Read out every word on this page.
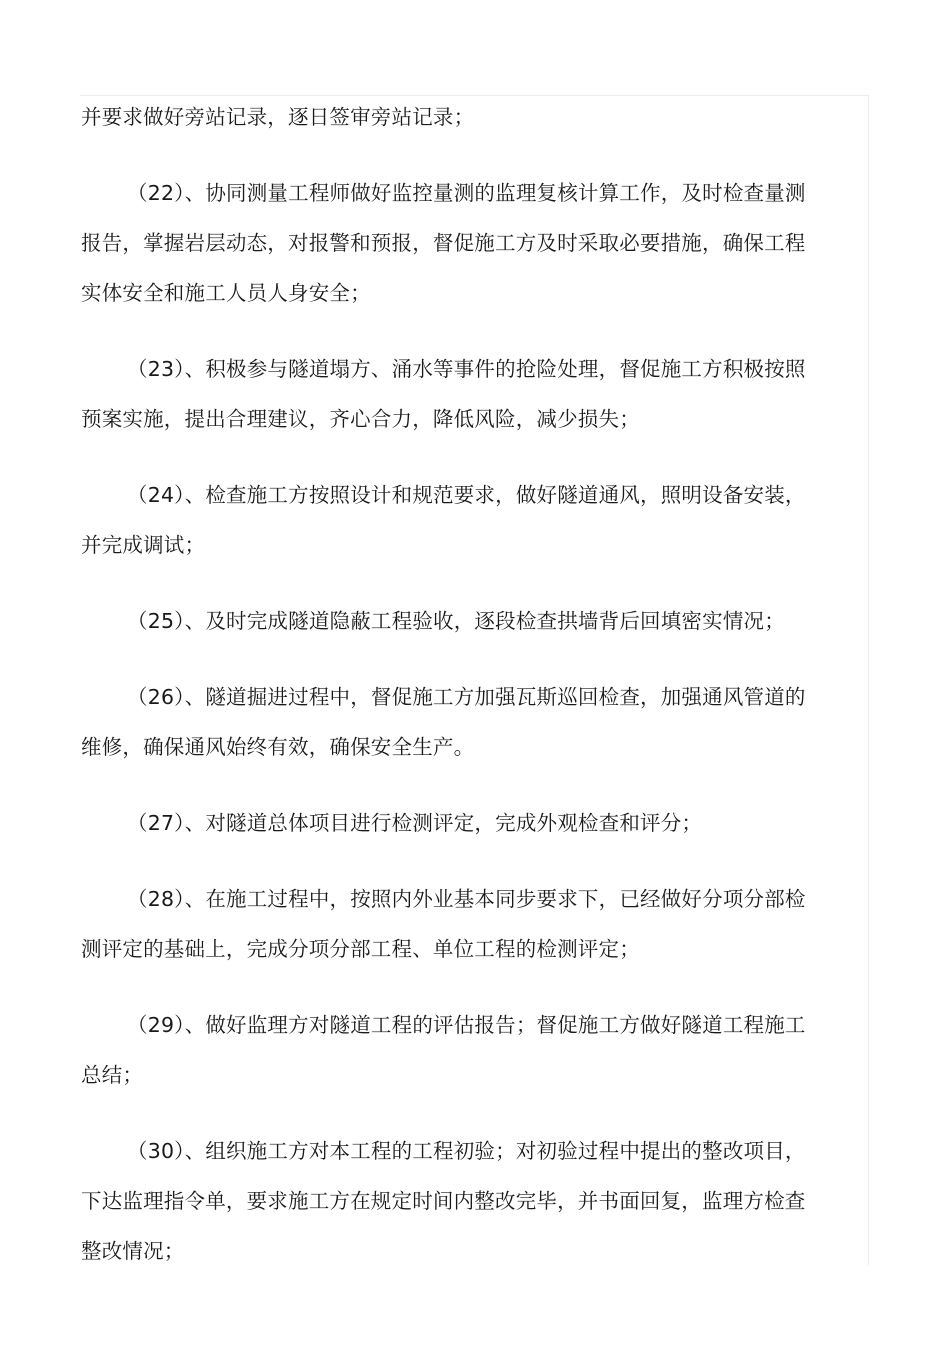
并要求做好旁站记录，逐日签审旁站记录；
（22）、协同测量工程师做好监控量测的监理复核计算工作，及时检查量测
报告，掌握岩层动态，对报警和预报，督促施工方及时采取必要措施，确保工程
实体安全和施工人员人身安全；
（23）、积极参与隧道塌方、涌水等事件的抢险处理，督促施工方积极按照
预案实施，提出合理建议，齐心合力，降低风险，减少损失；
（24）、检查施工方按照设计和规范要求，做好隧道通风，照明设备安装，
并完成调试；
（25）、及时完成隧道隐蔽工程验收，逐段检查拱墙背后回填密实情况；
（26）、隧道掘进过程中，督促施工方加强瓦斯巡回检查，加强通风管道的
维修，确保通风始终有效，确保安全生产。
（27）、对隧道总体项目进行检测评定，完成外观检查和评分；
（28）、在施工过程中，按照内外业基本同步要求下，已经做好分项分部检
测评定的基础上，完成分项分部工程、单位工程的检测评定；
（29）、做好监理方对隧道工程的评估报告；督促施工方做好隧道工程施工
总结；
（30）、组织施工方对本工程的工程初验；对初验过程中提出的整改项目，
下达监理指令单，要求施工方在规定时间内整改完毕，并书面回复，监理方检查
整改情况；
